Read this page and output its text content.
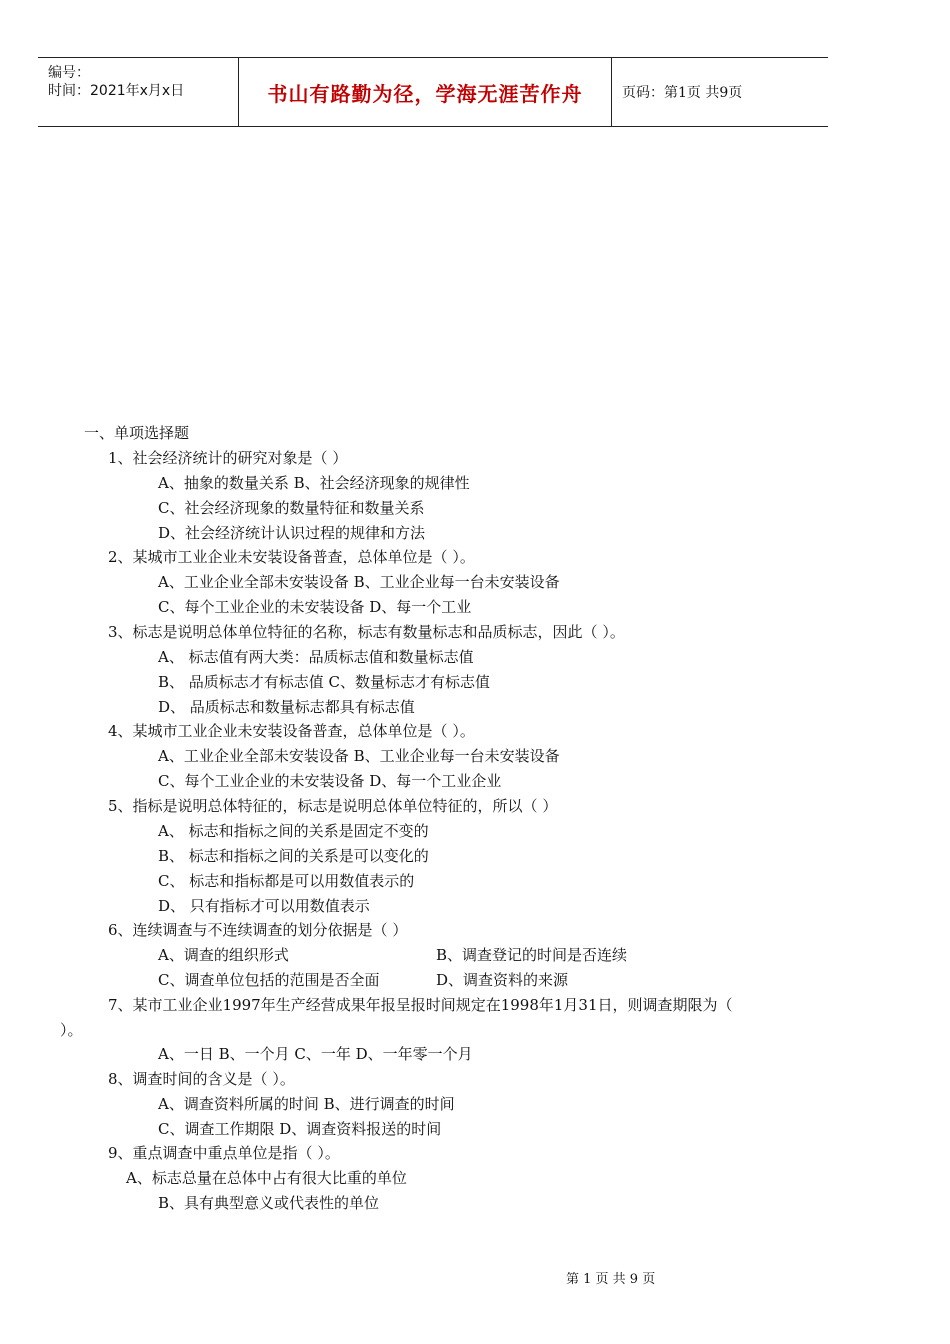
编号：
时间：2021年x月x日	书山有路勤为径，学海无涯苦作舟	页码：第1页 共9页
一、单项选择题
1、社会经济统计的研究对象是（ ）
A、抽象的数量关系 B、社会经济现象的规律性
C、社会经济现象的数量特征和数量关系
D、社会经济统计认识过程的规律和方法
2、某城市工业企业未安装设备普查，总体单位是（ ）。
A、工业企业全部未安装设备 B、工业企业每一台未安装设备
C、每个工业企业的未安装设备 D、每一个工业
3、标志是说明总体单位特征的名称，标志有数量标志和品质标志，因此（ ）。
A、 标志值有两大类：品质标志值和数量标志值
B、 品质标志才有标志值 C、数量标志才有标志值
D、 品质标志和数量标志都具有标志值
4、某城市工业企业未安装设备普查，总体单位是（ ）。
A、工业企业全部未安装设备 B、工业企业每一台未安装设备
C、每个工业企业的未安装设备 D、每一个工业企业
5、指标是说明总体特征的，标志是说明总体单位特征的，所以（ ）
A、 标志和指标之间的关系是固定不变的
B、 标志和指标之间的关系是可以变化的
C、 标志和指标都是可以用数值表示的
D、 只有指标才可以用数值表示
6、连续调查与不连续调查的划分依据是（ ）
A、调查的组织形式	B、调查登记的时间是否连续
C、调查单位包括的范围是否全面	D、调查资料的来源
7、某市工业企业1997年生产经营成果年报呈报时间规定在1998年1月31日，则调查期限为（
）。
A、一日 B、一个月 C、一年 D、一年零一个月
8、调查时间的含义是（ ）。
A、调查资料所属的时间 B、进行调查的时间
C、调查工作期限 D、调查资料报送的时间
9、重点调查中重点单位是指（ ）。
A、标志总量在总体中占有很大比重的单位
B、具有典型意义或代表性的单位
第 1 页 共 9 页
